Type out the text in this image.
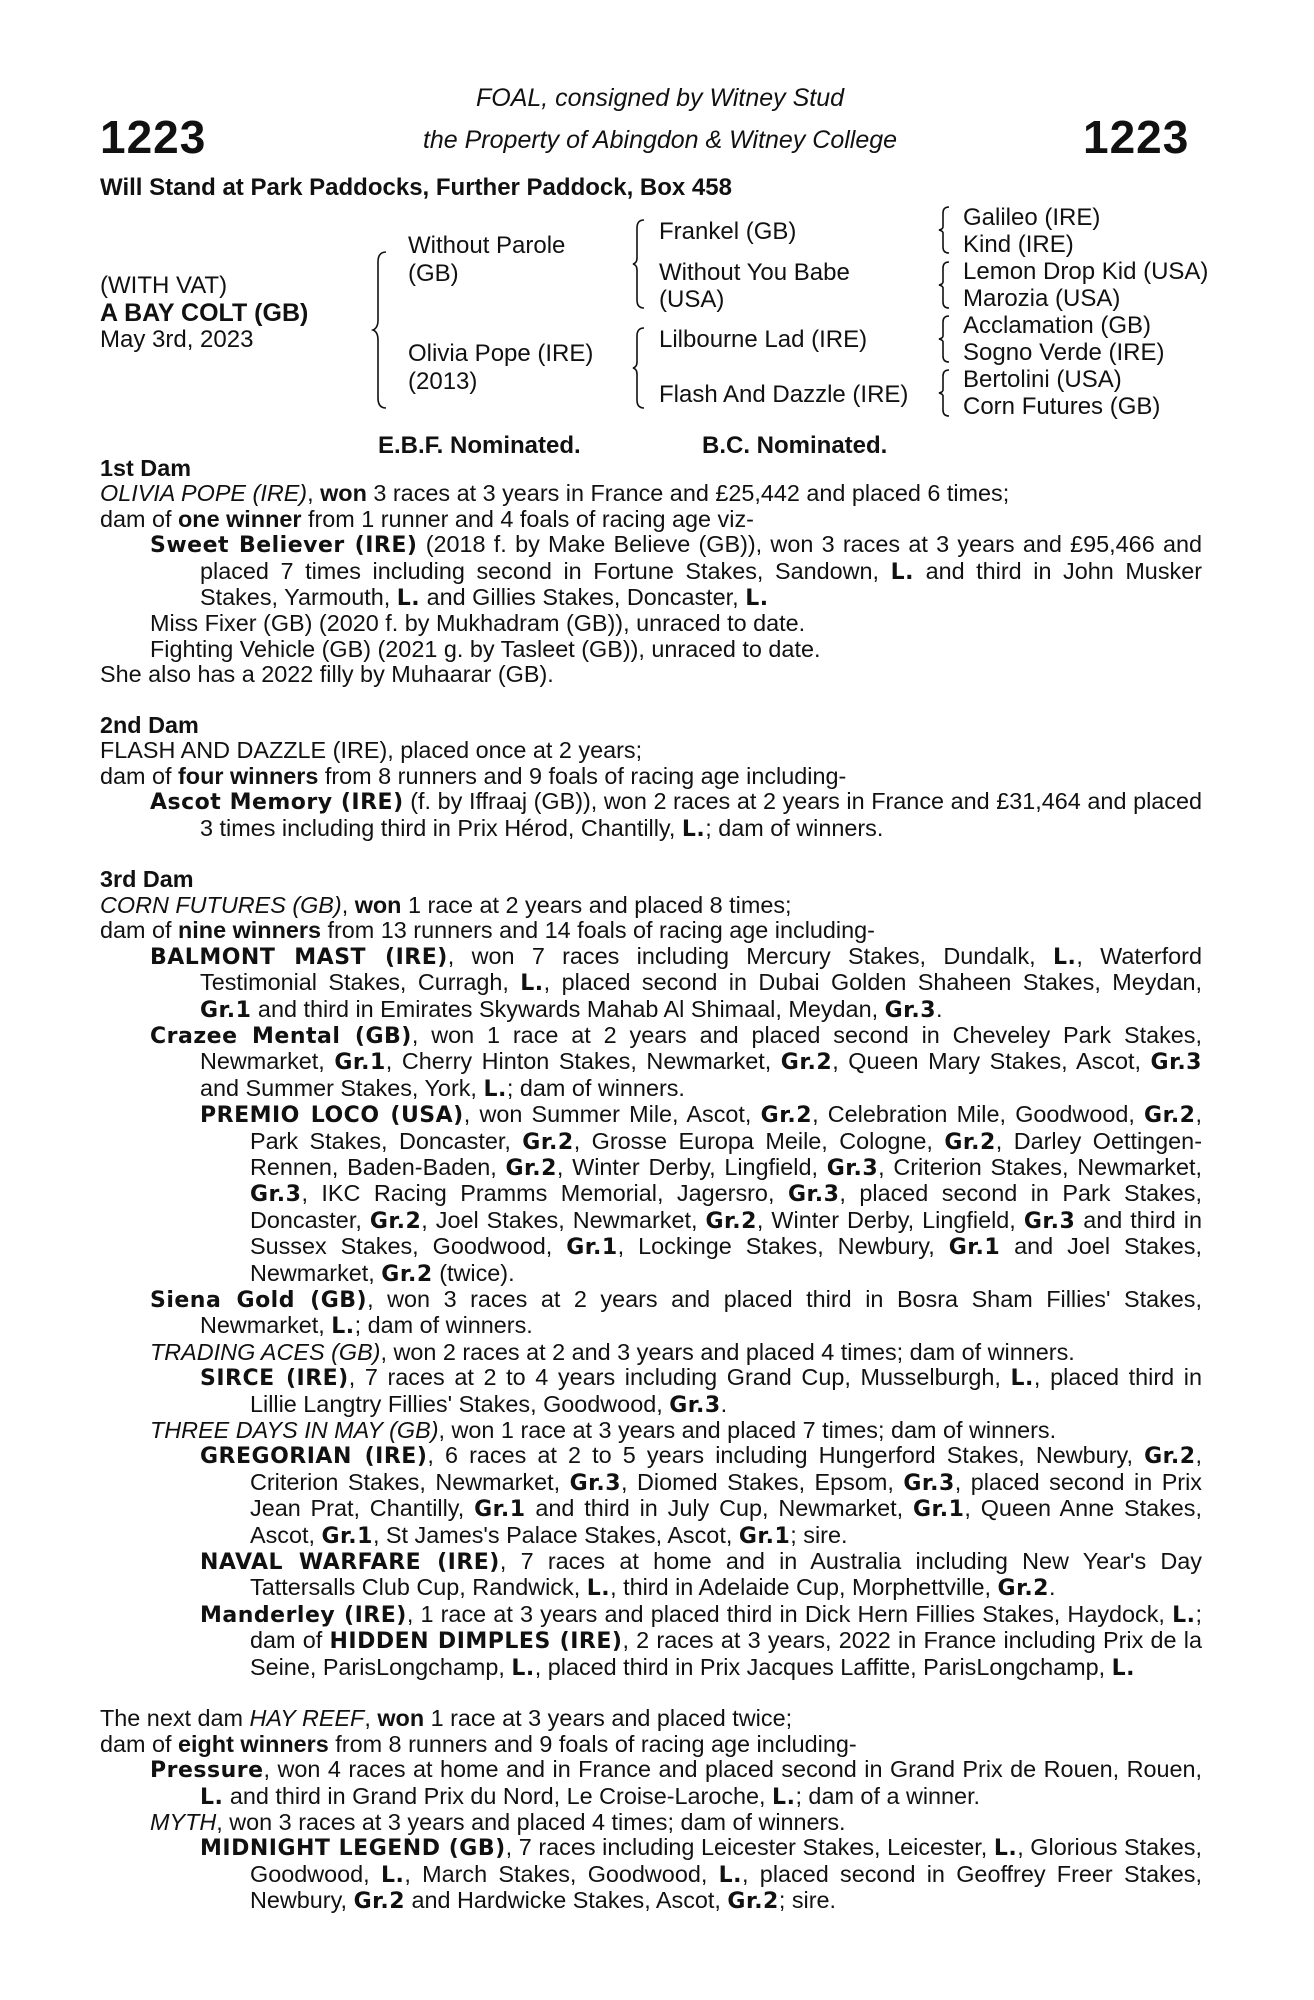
1223	1223
FOAL, consigned by Witney Stud
the Property of Abingdon & Witney College
Will Stand at Park Paddocks, Further Paddock, Box 458
(WITH VAT)
A BAY COLT (GB)
May 3rd, 2023
Without Parole
(GB)
Olivia Pope (IRE)
(2013)
Frankel (GB)
Without You Babe
(USA)
Lilbourne Lad (IRE)
Flash And Dazzle (IRE)
Galileo (IRE)
Kind (IRE)
Lemon Drop Kid (USA)
Marozia (USA)
Acclamation (GB)
Sogno Verde (IRE)
Bertolini (USA)
Corn Futures (GB)
E.B.F. Nominated.	B.C. Nominated.

1st Dam

OLIVIA POPE (IRE), won 3 races at 3 years in France and £25,442 and placed 6 times;

dam of one winner from 1 runner and 4 foals of racing age viz-

Sweet Believer (IRE) (2018 f. by Make Believe (GB)), won 3 races at 3 years and £95,466 and placed 7 times including second in Fortune Stakes, Sandown, L. and third in John Musker Stakes, Yarmouth, L. and Gillies Stakes, Doncaster, L.

Miss Fixer (GB) (2020 f. by Mukhadram (GB)), unraced to date.

Fighting Vehicle (GB) (2021 g. by Tasleet (GB)), unraced to date.

She also has a 2022 filly by Muhaarar (GB).

2nd Dam

FLASH AND DAZZLE (IRE), placed once at 2 years;

dam of four winners from 8 runners and 9 foals of racing age including-

Ascot Memory (IRE) (f. by Iffraaj (GB)), won 2 races at 2 years in France and £31,464 and placed 3 times including third in Prix Hérod, Chantilly, L.; dam of winners.

3rd Dam

CORN FUTURES (GB), won 1 race at 2 years and placed 8 times;

dam of nine winners from 13 runners and 14 foals of racing age including-

BALMONT MAST (IRE), won 7 races including Mercury Stakes, Dundalk, L., Waterford Testimonial Stakes, Curragh, L., placed second in Dubai Golden Shaheen Stakes, Meydan, Gr.1 and third in Emirates Skywards Mahab Al Shimaal, Meydan, Gr.3.

Crazee Mental (GB), won 1 race at 2 years and placed second in Cheveley Park Stakes, Newmarket, Gr.1, Cherry Hinton Stakes, Newmarket, Gr.2, Queen Mary Stakes, Ascot, Gr.3 and Summer Stakes, York, L.; dam of winners.

PREMIO LOCO (USA), won Summer Mile, Ascot, Gr.2, Celebration Mile, Goodwood, Gr.2, Park Stakes, Doncaster, Gr.2, Grosse Europa Meile, Cologne, Gr.2, Darley Oettingen-Rennen, Baden-Baden, Gr.2, Winter Derby, Lingfield, Gr.3, Criterion Stakes, Newmarket, Gr.3, IKC Racing Pramms Memorial, Jagersro, Gr.3, placed second in Park Stakes, Doncaster, Gr.2, Joel Stakes, Newmarket, Gr.2, Winter Derby, Lingfield, Gr.3 and third in Sussex Stakes, Goodwood, Gr.1, Lockinge Stakes, Newbury, Gr.1 and Joel Stakes, Newmarket, Gr.2 (twice).

Siena Gold (GB), won 3 races at 2 years and placed third in Bosra Sham Fillies' Stakes, Newmarket, L.; dam of winners.

TRADING ACES (GB), won 2 races at 2 and 3 years and placed 4 times; dam of winners.

SIRCE (IRE), 7 races at 2 to 4 years including Grand Cup, Musselburgh, L., placed third in Lillie Langtry Fillies' Stakes, Goodwood, Gr.3.

THREE DAYS IN MAY (GB), won 1 race at 3 years and placed 7 times; dam of winners.

GREGORIAN (IRE), 6 races at 2 to 5 years including Hungerford Stakes, Newbury, Gr.2, Criterion Stakes, Newmarket, Gr.3, Diomed Stakes, Epsom, Gr.3, placed second in Prix Jean Prat, Chantilly, Gr.1 and third in July Cup, Newmarket, Gr.1, Queen Anne Stakes, Ascot, Gr.1, St James's Palace Stakes, Ascot, Gr.1; sire.

NAVAL WARFARE (IRE), 7 races at home and in Australia including New Year's Day Tattersalls Club Cup, Randwick, L., third in Adelaide Cup, Morphettville, Gr.2.

Manderley (IRE), 1 race at 3 years and placed third in Dick Hern Fillies Stakes, Haydock, L.; dam of HIDDEN DIMPLES (IRE), 2 races at 3 years, 2022 in France including Prix de la Seine, ParisLongchamp, L., placed third in Prix Jacques Laffitte, ParisLongchamp, L.

The next dam HAY REEF, won 1 race at 3 years and placed twice;

dam of eight winners from 8 runners and 9 foals of racing age including-

Pressure, won 4 races at home and in France and placed second in Grand Prix de Rouen, Rouen, L. and third in Grand Prix du Nord, Le Croise-Laroche, L.; dam of a winner.

MYTH, won 3 races at 3 years and placed 4 times; dam of winners.

MIDNIGHT LEGEND (GB), 7 races including Leicester Stakes, Leicester, L., Glorious Stakes, Goodwood, L., March Stakes, Goodwood, L., placed second in Geoffrey Freer Stakes, Newbury, Gr.2 and Hardwicke Stakes, Ascot, Gr.2; sire.
